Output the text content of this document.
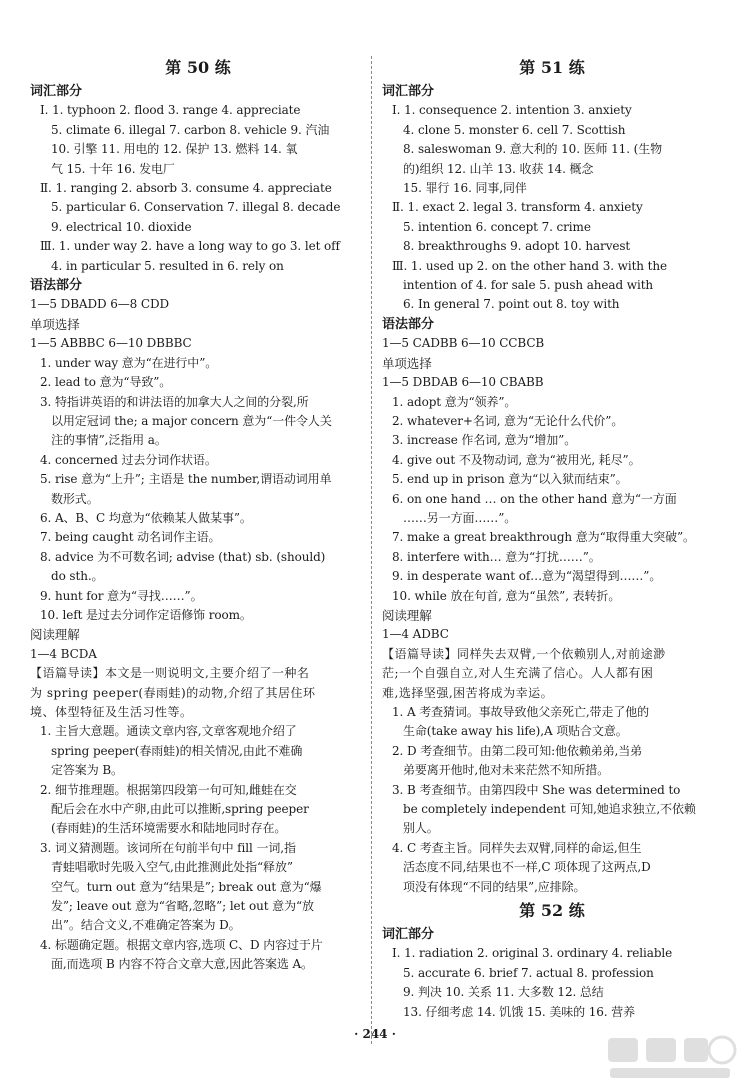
第 50 练
词汇部分
Ⅰ. 1. typhoon 2. flood 3. range 4. appreciate
5. climate 6. illegal 7. carbon 8. vehicle 9. 汽油
10. 引擎 11. 用电的 12. 保护 13. 燃料 14. 氧
气 15. 十年 16. 发电厂
Ⅱ. 1. ranging 2. absorb 3. consume 4. appreciate
5. particular 6. Conservation 7. illegal 8. decade
9. electrical 10. dioxide
Ⅲ. 1. under way 2. have a long way to go 3. let off
4. in particular 5. resulted in 6. rely on
语法部分
1—5 DBADD 6—8 CDD
单项选择
1—5 ABBBC 6—10 DBBBC
1. under way 意为“在进行中”。
2. lead to 意为“导致”。
3. 特指讲英语的和讲法语的加拿大人之间的分裂,所
以用定冠词 the; a major concern 意为“一件令人关
注的事情”,泛指用 a。
4. concerned 过去分词作状语。
5. rise 意为“上升”; 主语是 the number,谓语动词用单
数形式。
6. A、B、C 均意为“依赖某人做某事”。
7. being caught 动名词作主语。
8. advice 为不可数名词; advise (that) sb. (should)
do sth.。
9. hunt for 意为“寻找……”。
10. left 是过去分词作定语修饰 room。
阅读理解
1—4 BCDA
【语篇导读】本文是一则说明文,主要介绍了一种名
为 spring peeper(春雨蛙)的动物,介绍了其居住环
境、体型特征及生活习性等。
1. 主旨大意题。通读文章内容,文章客观地介绍了
spring peeper(春雨蛙)的相关情况,由此不难确
定答案为 B。
2. 细节推理题。根据第四段第一句可知,雌蛙在交
配后会在水中产卵,由此可以推断,spring peeper
(春雨蛙)的生活环境需要水和陆地同时存在。
3. 词义猜测题。该词所在句前半句中 fill 一词,指
青蛙唱歌时先吸入空气,由此推测此处指“释放”
空气。turn out 意为“结果是”; break out 意为“爆
发”; leave out 意为“省略,忽略”; let out 意为“放
出”。结合文义,不难确定答案为 D。
4. 标题确定题。根据文章内容,选项 C、D 内容过于片
面,而选项 B 内容不符合文章大意,因此答案选 A。
第 51 练
词汇部分
Ⅰ. 1. consequence 2. intention 3. anxiety
4. clone 5. monster 6. cell 7. Scottish
8. saleswoman 9. 意大利的 10. 医师 11. (生物
的)组织 12. 山羊 13. 收获 14. 概念
15. 罪行 16. 同事,同伴
Ⅱ. 1. exact 2. legal 3. transform 4. anxiety
5. intention 6. concept 7. crime
8. breakthroughs 9. adopt 10. harvest
Ⅲ. 1. used up 2. on the other hand 3. with the
intention of 4. for sale 5. push ahead with
6. In general 7. point out 8. toy with
语法部分
1—5 CADBB 6—10 CCBCB
单项选择
1—5 DBDAB 6—10 CBABB
1. adopt 意为“领养”。
2. whatever+名词, 意为“无论什么代价”。
3. increase 作名词, 意为“增加”。
4. give out 不及物动词, 意为“被用光, 耗尽”。
5. end up in prison 意为“以入狱而结束”。
6. on one hand … on the other hand 意为“一方面
……另一方面……”。
7. make a great breakthrough 意为“取得重大突破”。
8. interfere with… 意为“打扰……”。
9. in desperate want of…意为“渴望得到……”。
10. while 放在句首, 意为“虽然”, 表转折。
阅读理解
1—4 ADBC
【语篇导读】同样失去双臂,一个依赖别人,对前途渺
茫;一个自强自立,对人生充满了信心。人人都有困
难,选择坚强,困苦将成为幸运。
1. A 考查猜词。事故导致他父亲死亡,带走了他的
生命(take away his life),A 项贴合文意。
2. D 考查细节。由第二段可知:他依赖弟弟,当弟
弟要离开他时,他对未来茫然不知所措。
3. B 考查细节。由第四段中 She was determined to
be completely independent 可知,她追求独立,不依赖
别人。
4. C 考查主旨。同样失去双臂,同样的命运,但生
活态度不同,结果也不一样,C 项体现了这两点,D
项没有体现“不同的结果”,应排除。
第 52 练
词汇部分
Ⅰ. 1. radiation 2. original 3. ordinary 4. reliable
5. accurate 6. brief 7. actual 8. profession
9. 判决 10. 关系 11. 大多数 12. 总结
13. 仔细考虑 14. 饥饿 15. 美味的 16. 营养
· 244 ·
